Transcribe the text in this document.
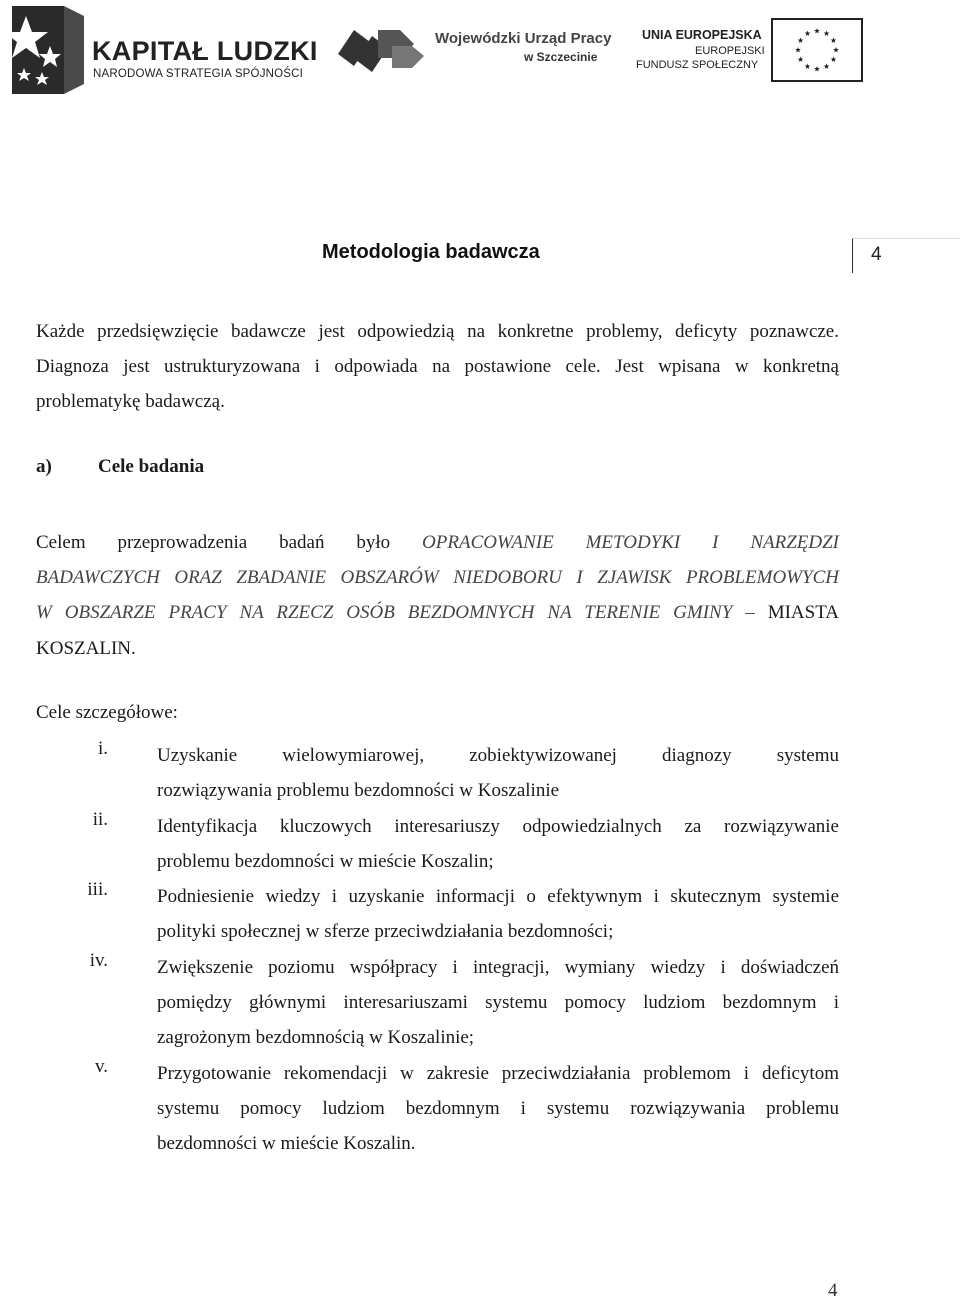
KAPITAŁ LUDZKI
NARODOWA STRATEGIA SPÓJNOŚCI
Wojewódzki Urząd Pracy
w Szczecinie
UNIA EUROPEJSKA
EUROPEJSKI
FUNDUSZ SPOŁECZNY
4
Metodologia badawcza
Każde przedsięwzięcie badawcze jest odpowiedzią na konkretne problemy, deficyty poznawcze.
Diagnoza jest ustrukturyzowana i odpowiada na postawione cele. Jest wpisana w konkretną
problematykę badawczą.
a) Cele badania
Celem przeprowadzenia badań było OPRACOWANIE METODYKI I NARZĘDZI
BADAWCZYCH ORAZ ZBADANIE OBSZARÓW NIEDOBORU I ZJAWISK PROBLEMOWYCH
W OBSZARZE PRACY NA RZECZ OSÓB BEZDOMNYCH NA TERENIE GMINY – MIASTA
KOSZALIN.
Cele szczegółowe:
i.	Uzyskanie wielowymiarowej, zobiektywizowanej diagnozy systemu
rozwiązywania problemu bezdomności w Koszalinie
ii.	Identyfikacja kluczowych interesariuszy odpowiedzialnych za rozwiązywanie
problemu bezdomności w mieście Koszalin;
iii.	Podniesienie wiedzy i uzyskanie informacji o efektywnym i skutecznym systemie
polityki społecznej w sferze przeciwdziałania bezdomności;
iv.	Zwiększenie poziomu współpracy i integracji, wymiany wiedzy i doświadczeń
pomiędzy głównymi interesariuszami systemu pomocy ludziom bezdomnym i
zagrożonym bezdomnością w Koszalinie;
v.	Przygotowanie rekomendacji w zakresie przeciwdziałania problemom i deficytom
systemu pomocy ludziom bezdomnym i systemu rozwiązywania problemu
bezdomności w mieście Koszalin.
4
